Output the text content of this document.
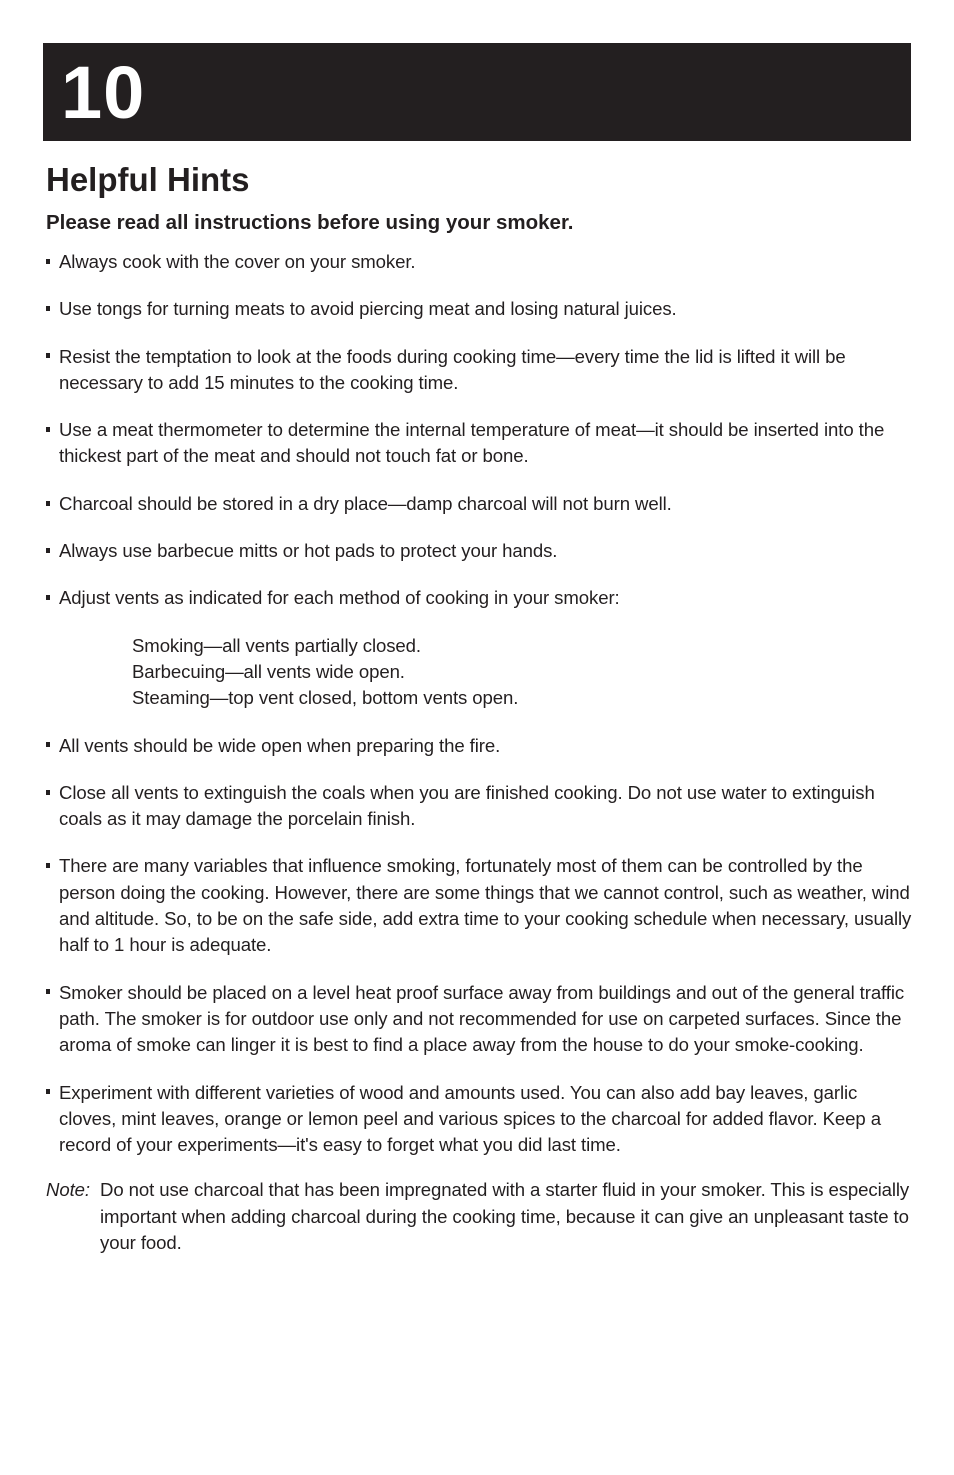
10
Helpful Hints
Please read all instructions before using your smoker.
Always cook with the cover on your smoker.
Use tongs for turning meats to avoid piercing meat and losing natural juices.
Resist the temptation to look at the foods during cooking time—every time the lid is lifted it will be necessary to add 15 minutes to the cooking time.
Use a meat thermometer to determine the internal temperature of meat—it should be inserted into the thickest part of the meat and should not touch fat or bone.
Charcoal should be stored in a dry place—damp charcoal will not burn well.
Always use barbecue mitts or hot pads to protect your hands.
Adjust vents as indicated for each method of cooking in your smoker:
Smoking—all vents partially closed.
Barbecuing—all vents wide open.
Steaming—top vent closed, bottom vents open.
All vents should be wide open when preparing the fire.
Close all vents to extinguish the coals when you are finished cooking. Do not use water to extinguish coals as it may damage the porcelain finish.
There are many variables that influence smoking, fortunately most of them can be controlled by the person doing the cooking. However, there are some things that we cannot control, such as weather, wind and altitude. So, to be on the safe side, add extra time to your cooking schedule when necessary, usually half to 1 hour is adequate.
Smoker should be placed on a level heat proof surface away from buildings and out of the general traffic path. The smoker is for outdoor use only and not recommended for use on carpeted surfaces. Since the aroma of smoke can linger it is best to find a place away from the house to do your smoke-cooking.
Experiment with different varieties of wood and amounts used. You can also add bay leaves, garlic cloves, mint leaves, orange or lemon peel and various spices to the charcoal for added flavor. Keep a record of your experiments—it's easy to forget what you did last time.
Note: Do not use charcoal that has been impregnated with a starter fluid in your smoker. This is especially important when adding charcoal during the cooking time, because it can give an unpleasant taste to your food.
